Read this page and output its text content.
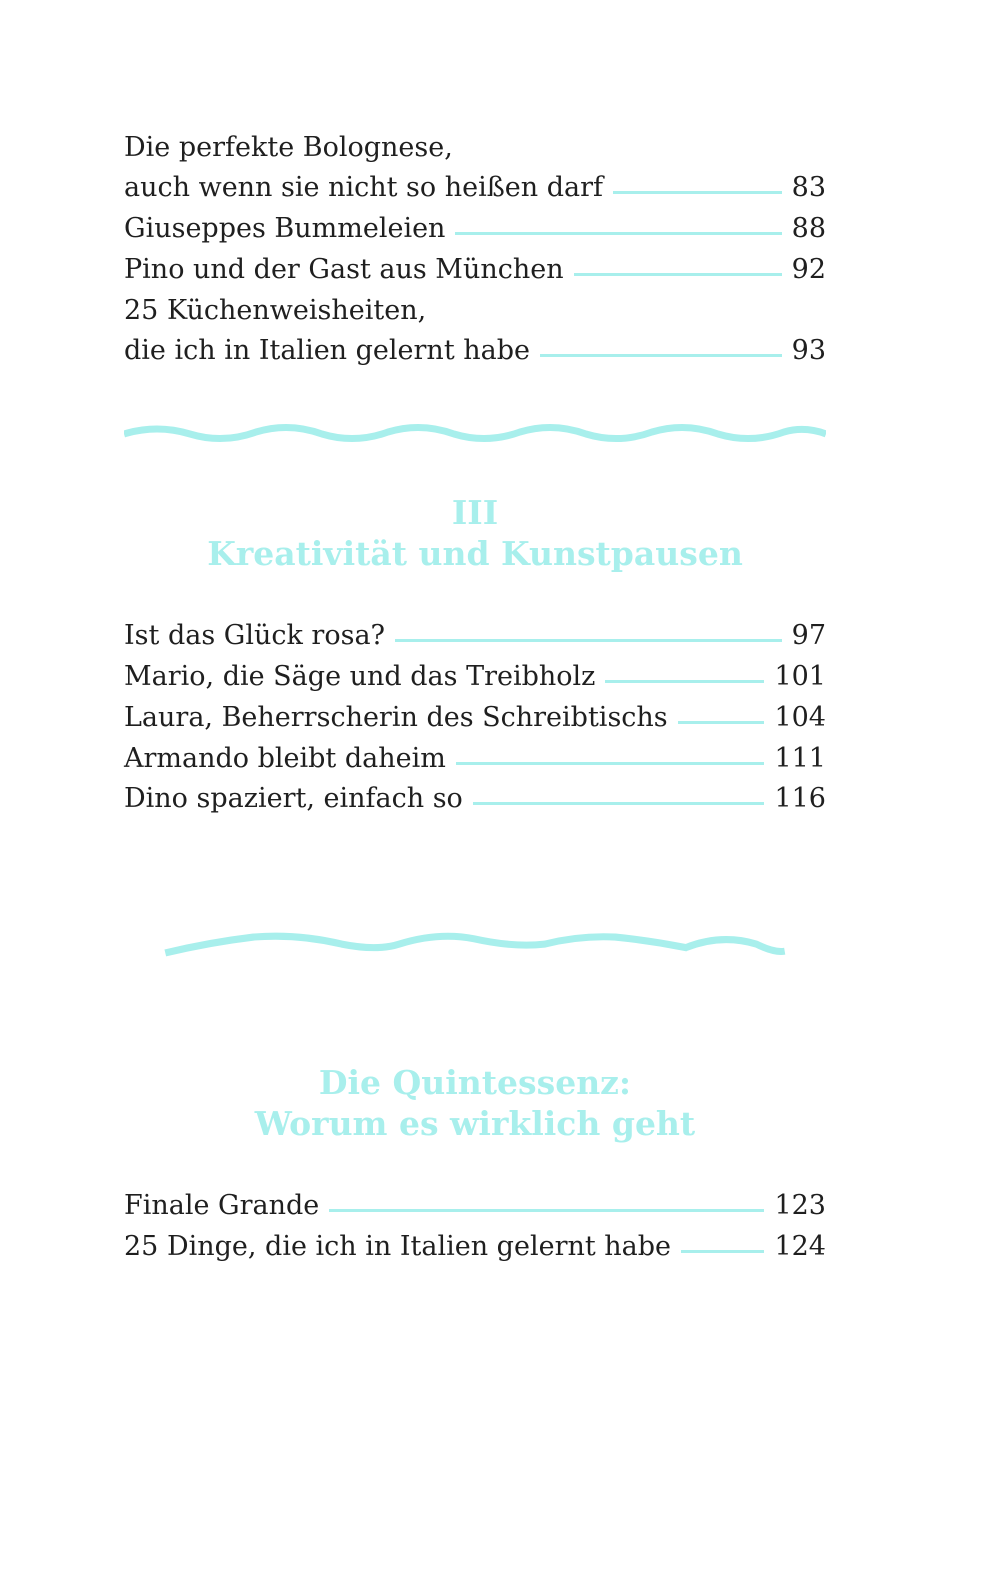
Die perfekte Bolognese,
auch wenn sie nicht so heißen darf	83
Giuseppes Bummeleien	88
Pino und der Gast aus München	92
25 Küchenweisheiten,
die ich in Italien gelernt habe	93
III
Kreativität und Kunstpausen
Ist das Glück rosa?	97
Mario, die Säge und das Treibholz	101
Laura, Beherrscherin des Schreibtischs	104
Armando bleibt daheim	111
Dino spaziert, einfach so	116
Die Quintessenz:
Worum es wirklich geht
Finale Grande	123
25 Dinge, die ich in Italien gelernt habe	124
